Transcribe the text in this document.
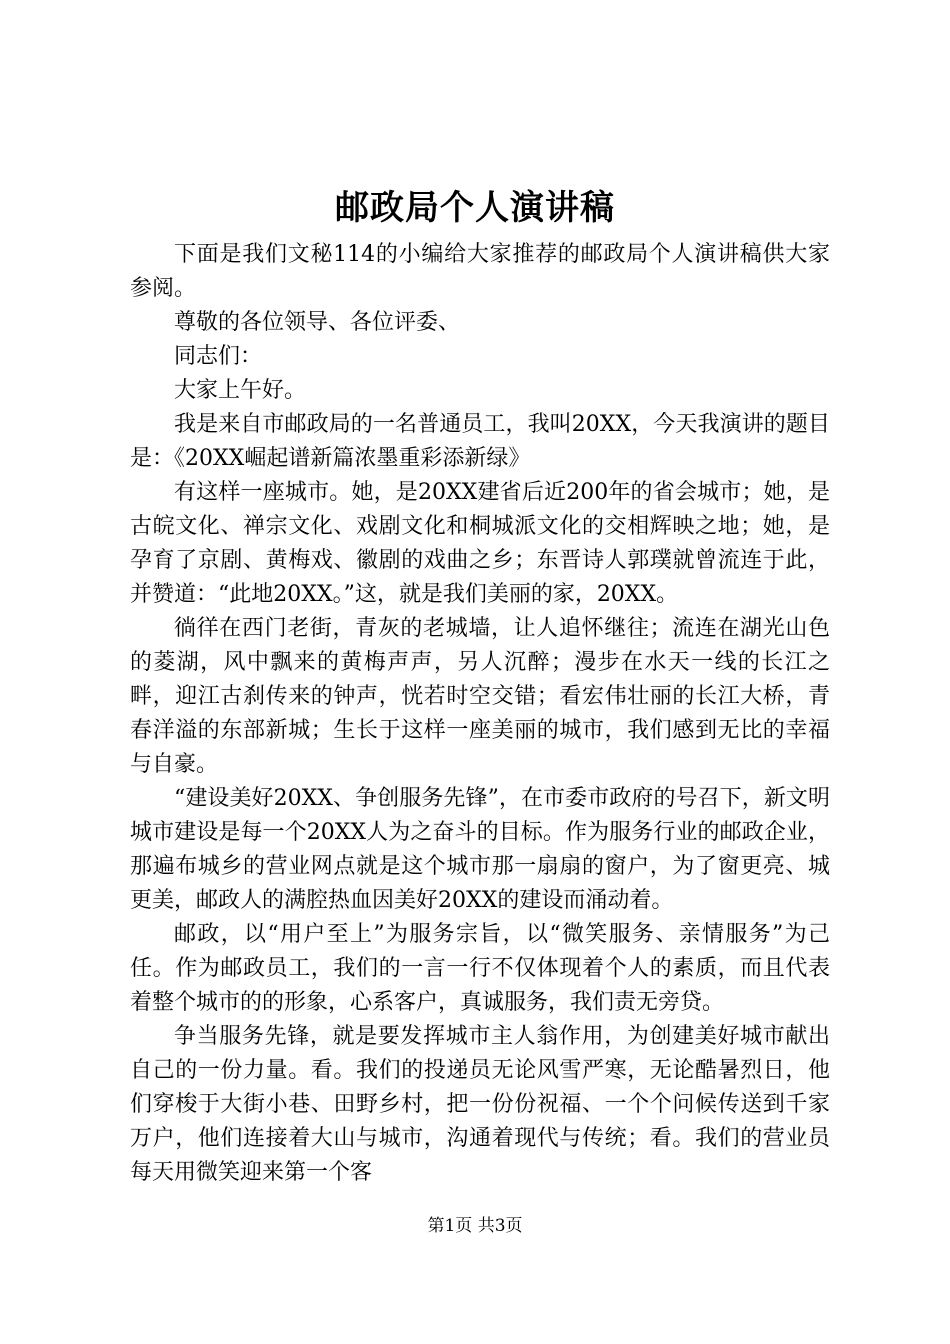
邮政局个人演讲稿

下面是我们文秘114的小编给大家推荐的邮政局个人演讲稿供大家参阅。

尊敬的各位领导、各位评委、

同志们：

大家上午好。

我是来自市邮政局的一名普通员工，我叫20XX，今天我演讲的题目是：《20XX崛起谱新篇浓墨重彩添新绿》

有这样一座城市。她，是20XX建省后近200年的省会城市；她，是古皖文化、禅宗文化、戏剧文化和桐城派文化的交相辉映之地；她，是孕育了京剧、黄梅戏、徽剧的戏曲之乡；东晋诗人郭璞就曾流连于此，并赞道：“此地20XX。”这，就是我们美丽的家，20XX。

徜徉在西门老街，青灰的老城墙，让人追怀继往；流连在湖光山色的菱湖，风中飘来的黄梅声声，另人沉醉；漫步在水天一线的长江之畔，迎江古刹传来的钟声，恍若时空交错；看宏伟壮丽的长江大桥，青春洋溢的东部新城；生长于这样一座美丽的城市，我们感到无比的幸福与自豪。

“建设美好20XX、争创服务先锋”，在市委市政府的号召下，新文明城市建设是每一个20XX人为之奋斗的目标。作为服务行业的邮政企业，那遍布城乡的营业网点就是这个城市那一扇扇的窗户，为了窗更亮、城更美，邮政人的满腔热血因美好20XX的建设而涌动着。

邮政，以“用户至上”为服务宗旨，以“微笑服务、亲情服务”为己任。作为邮政员工，我们的一言一行不仅体现着个人的素质，而且代表着整个城市的的形象，心系客户，真诚服务，我们责无旁贷。

争当服务先锋，就是要发挥城市主人翁作用，为创建美好城市献出自己的一份力量。看。我们的投递员无论风雪严寒，无论酷暑烈日，他们穿梭于大街小巷、田野乡村，把一份份祝福、一个个问候传送到千家万户，他们连接着大山与城市，沟通着现代与传统；看。我们的营业员每天用微笑迎来第一个客

第1页 共3页
